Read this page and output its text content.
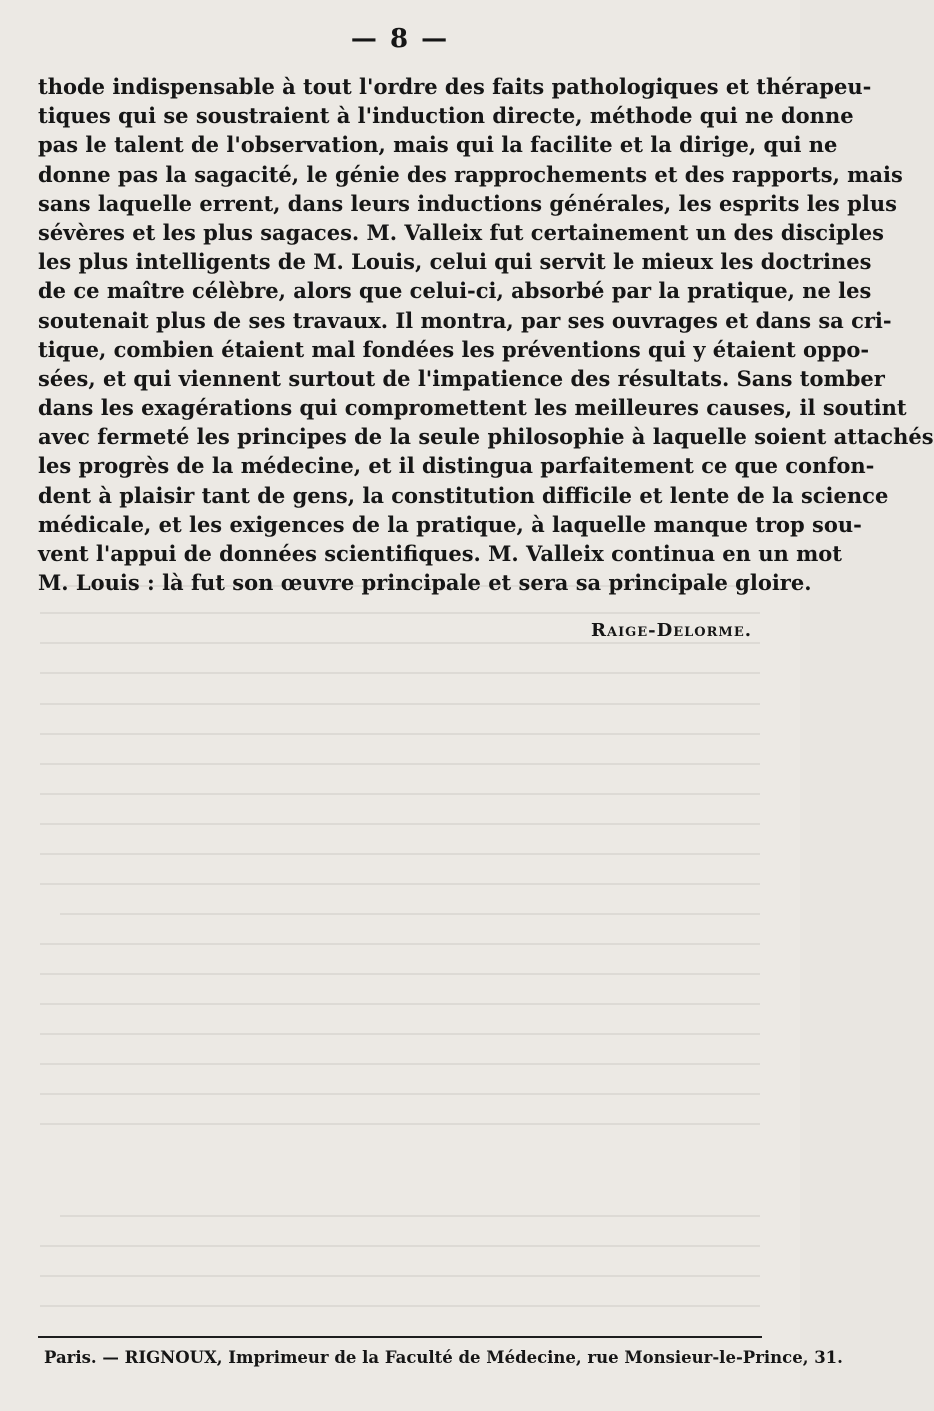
— 8 —
thode indispensable à tout l'ordre des faits pathologiques et thérapeu-
tiques qui se soustraient à l'induction directe, méthode qui ne donne
pas le talent de l'observation, mais qui la facilite et la dirige, qui ne
donne pas la sagacité, le génie des rapprochements et des rapports, mais
sans laquelle errent, dans leurs inductions générales, les esprits les plus
sévères et les plus sagaces. M. Valleix fut certainement un des disciples
les plus intelligents de M. Louis, celui qui servit le mieux les doctrines
de ce maître célèbre, alors que celui-ci, absorbé par la pratique, ne les
soutenait plus de ses travaux. Il montra, par ses ouvrages et dans sa cri-
tique, combien étaient mal fondées les préventions qui y étaient oppo-
sées, et qui viennent surtout de l'impatience des résultats. Sans tomber
dans les exagérations qui compromettent les meilleures causes, il soutint
avec fermeté les principes de la seule philosophie à laquelle soient attachés
les progrès de la médecine, et il distingua parfaitement ce que confon-
dent à plaisir tant de gens, la constitution difficile et lente de la science
médicale, et les exigences de la pratique, à laquelle manque trop sou-
vent l'appui de données scientifiques. M. Valleix continua en un mot
M. Louis : là fut son œuvre principale et sera sa principale gloire.
Raige-Delorme.
Paris. — RIGNOUX, Imprimeur de la Faculté de Médecine, rue Monsieur-le-Prince, 31.
